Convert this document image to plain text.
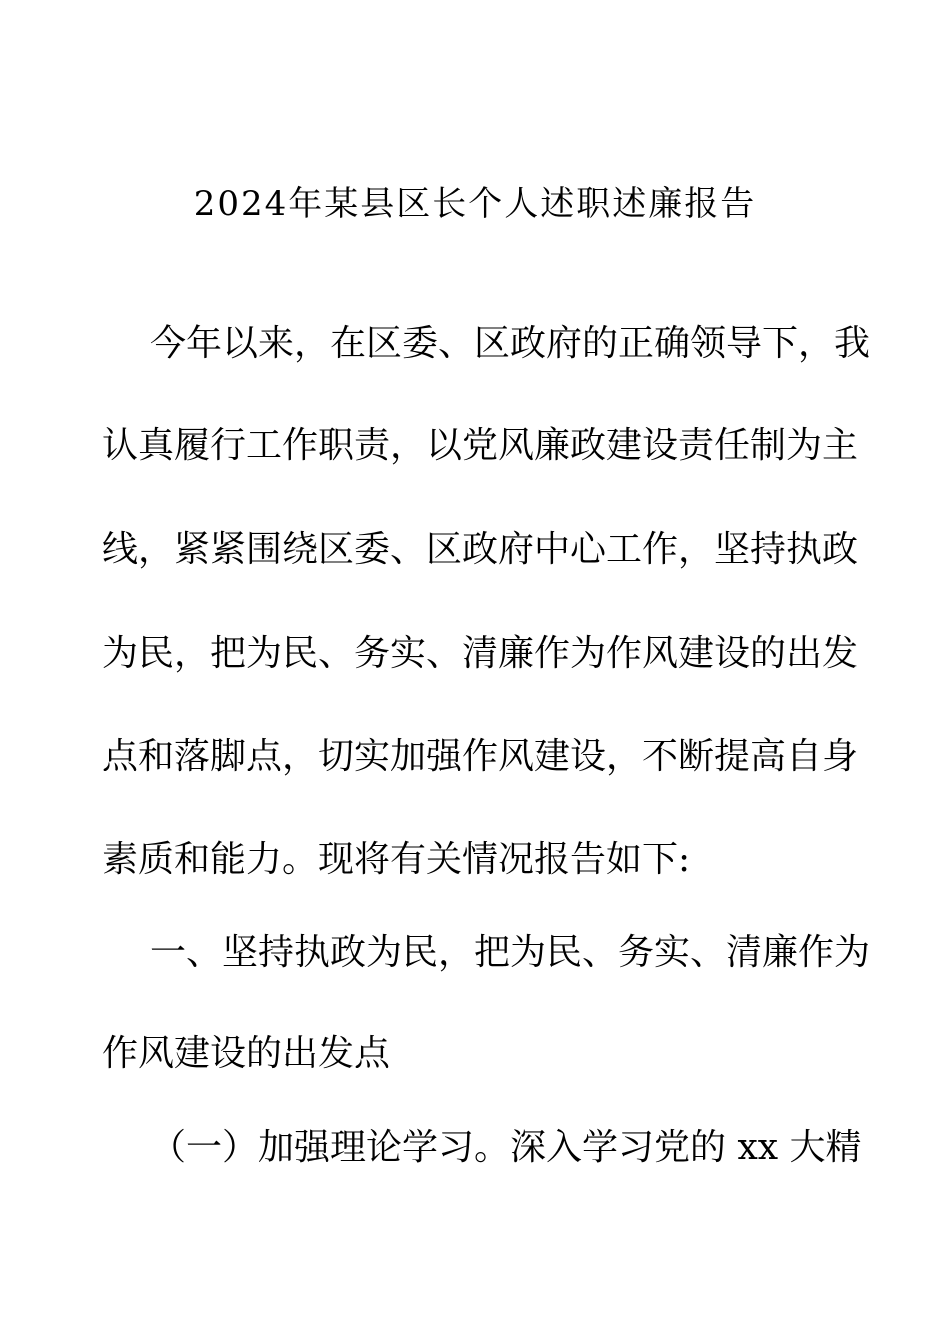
2024年某县区长个人述职述廉报告
今年以来，在区委、区政府的正确领导下，我
认真履行工作职责，以党风廉政建设责任制为主
线，紧紧围绕区委、区政府中心工作，坚持执政
为民，把为民、务实、清廉作为作风建设的出发
点和落脚点，切实加强作风建设，不断提高自身
素质和能力。现将有关情况报告如下:
一、坚持执政为民，把为民、务实、清廉作为
作风建设的出发点
（一）加强理论学习。深入学习党的 xx 大精
